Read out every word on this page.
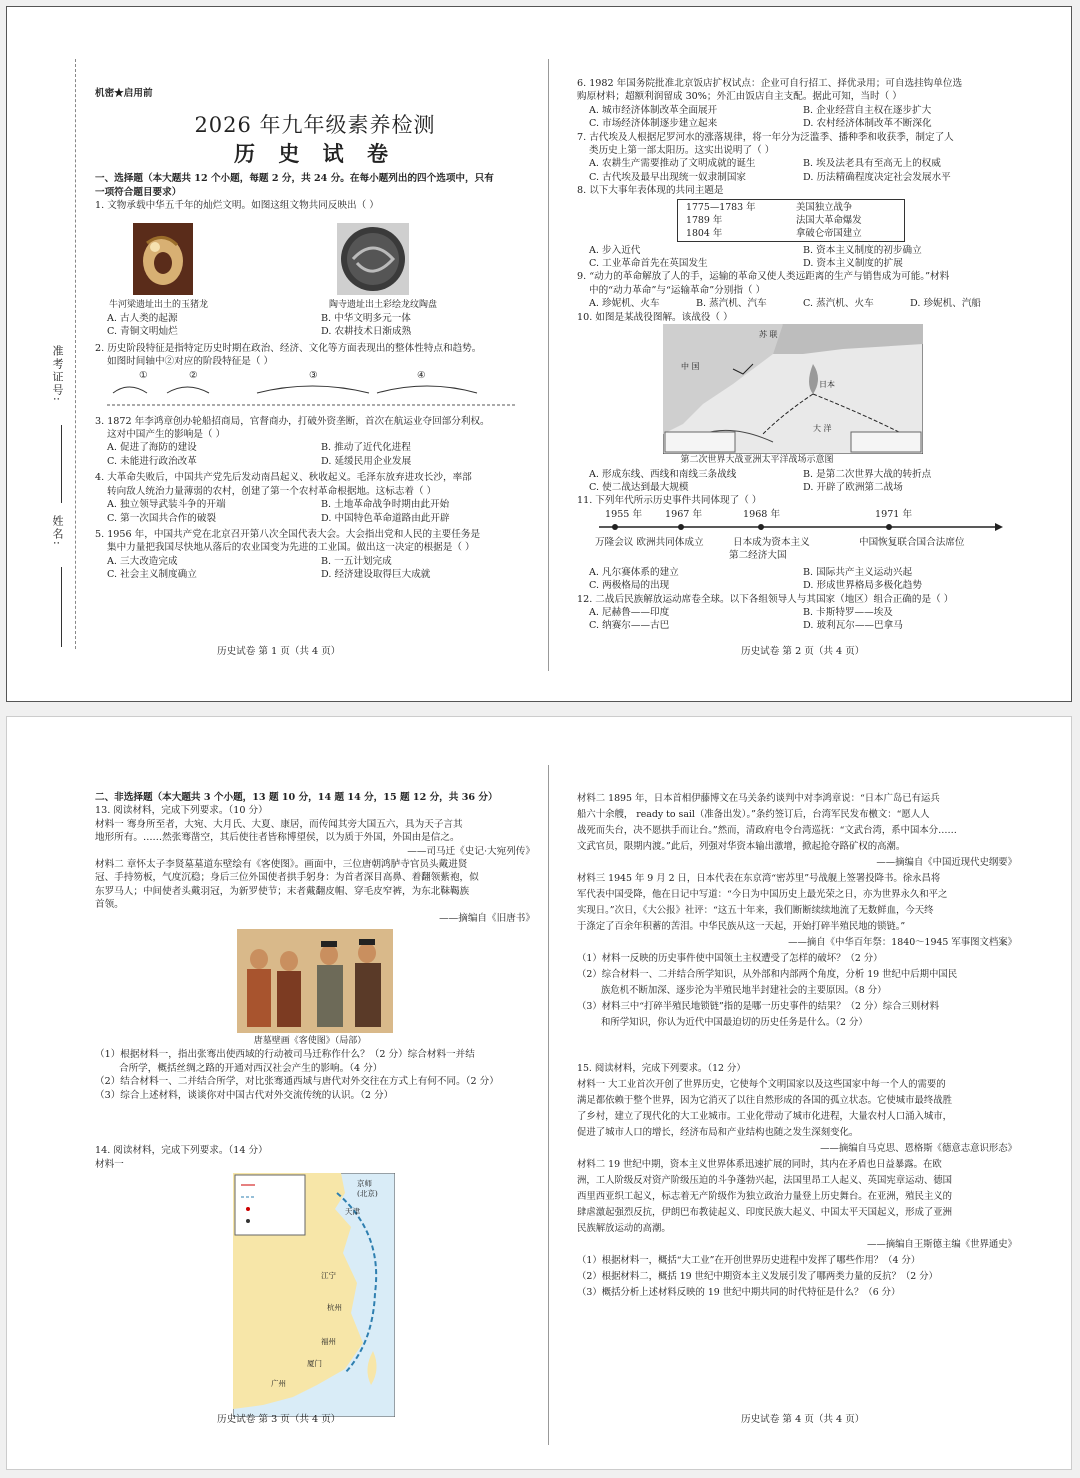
准考证号:
姓名:
机密★启用前
2026 年九年级素养检测
历 史 试 卷
一、选择题（本大题共 12 个小题，每题 2 分，共 24 分。在每小题列出的四个选项中，只有
一项符合题目要求）
1. 文物承载中华五千年的灿烂文明。如图这组文物共同反映出（ ）
牛河梁遗址出土的玉猪龙	陶寺遗址出土彩绘龙纹陶盘
A. 古人类的起源	B. 中华文明多元一体
C. 青铜文明灿烂	D. 农耕技术日渐成熟
2. 历史阶段特征是指特定历史时期在政治、经济、文化等方面表现出的整体性特点和趋势。
如图时间轴中②对应的阶段特征是（ ）
①	②	③	④
3. 1872 年李鸿章创办轮船招商局，官督商办，打破外资垄断，首次在航运业夺回部分利权。
这对中国产生的影响是（ ）
A. 促进了海防的建设	B. 推动了近代化进程
C. 未能进行政治改革	D. 延缓民用企业发展
4. 大革命失败后，中国共产党先后发动南昌起义、秋收起义。毛泽东放弃进攻长沙，率部
转向敌人统治力量薄弱的农村，创建了第一个农村革命根据地。这标志着（ ）
A. 独立领导武装斗争的开端	B. 土地革命战争时期由此开始
C. 第一次国共合作的破裂	D. 中国特色革命道路由此开辟
5. 1956 年，中国共产党在北京召开第八次全国代表大会。大会指出党和人民的主要任务是
集中力量把我国尽快地从落后的农业国变为先进的工业国。做出这一决定的根据是（ ）
A. 三大改造完成	B. 一五计划完成
C. 社会主义制度确立	D. 经济建设取得巨大成就
历史试卷 第 1 页（共 4 页）
6. 1982 年国务院批准北京饭店扩权试点：企业可自行招工、择优录用；可自选挂钩单位选
购原材料；超额利润留成 30%；外汇由饭店自主支配。据此可知，当时（ ）
A. 城市经济体制改革全面展开	B. 企业经营自主权在逐步扩大
C. 市场经济体制逐步建立起来	D. 农村经济体制改革不断深化
7. 古代埃及人根据尼罗河水的涨落规律，将一年分为泛滥季、播种季和收获季，制定了人
类历史上第一部太阳历。这实出说明了（ ）
A. 农耕生产需要推动了文明成就的诞生	B. 埃及法老具有至高无上的权威
C. 古代埃及最早出现统一奴隶制国家	D. 历法精确程度决定社会发展水平
8. 以下大事年表体现的共同主题是
1775—1783 年	美国独立战争
1789 年	法国大革命爆发
1804 年	拿破仑帝国建立
A. 步入近代	B. 资本主义制度的初步确立
C. 工业革命首先在英国发生	D. 资本主义制度的扩展
9. “动力的革命解放了人的手，运输的革命又使人类远距离的生产与销售成为可能。”材料
中的“动力革命”与“运输革命”分别指（ ）
A. 珍妮机、火车	B. 蒸汽机、汽车	C. 蒸汽机、火车	D. 珍妮机、汽船
10. 如图是某战役图解。该战役（ ）
中 国
苏 联
日本
大 洋
第二次世界大战亚洲太平洋战场示意图
A. 形成东线、西线和南线三条战线	B. 是第二次世界大战的转折点
C. 使二战达到最大规模	D. 开辟了欧洲第二战场
11. 下列年代所示历史事件共同体现了（ ）
1955 年 1967 年	1968 年	1971 年
万隆会议 欧洲共同体成立	日本成为资本主义
第二经济大国
中国恢复联合国合法席位
A. 凡尔赛体系的建立	B. 国际共产主义运动兴起
C. 两极格局的出现	D. 形成世界格局多极化趋势
12. 二战后民族解放运动席卷全球。以下各组领导人与其国家（地区）组合正确的是（ ）
A. 尼赫鲁——印度	B. 卡斯特罗——埃及
C. 纳赛尔——古巴	D. 玻利瓦尔——巴拿马
历史试卷 第 2 页（共 4 页）
二、非选择题（本大题共 3 个小题，13 题 10 分，14 题 14 分，15 题 12 分，共 36 分）
13. 阅读材料，完成下列要求。（10 分）
材料一 骞身所至者，大宛、大月氏、大夏、康居，而传闻其旁大国五六，具为天子言其
地形所有。……然张骞凿空，其后使往者皆称博望侯，以为质于外国，外国由是信之。
——司马迁《史记·大宛列传》
材料二 章怀太子李贤墓墓道东壁绘有《客使图》。画面中，三位唐朝鸿胪寺官员头戴进贤
冠、手持笏板，气度沉稳；身后三位外国使者拱手躬身：为首者深目高鼻、着翻领紫袍，似
东罗马人；中间使者头戴羽冠，为新罗使节；末者戴翻皮帽、穿毛皮窄裤，为东北靺鞨族
首领。
——摘编自《旧唐书》
唐墓壁画《客使图》（局部）
（1）根据材料一，指出张骞出使西域的行动被司马迁称作什么？（2 分）综合材料一并结
合所学，概括丝绸之路的开通对西汉社会产生的影响。（4 分）
（2）结合材料一、二并结合所学，对比张骞通西域与唐代对外交往在方式上有何不同。（2 分）
（3）综合上述材料，谈谈你对中国古代对外交流传统的认识。（2 分）
14. 阅读材料，完成下列要求。（14 分）
材料一
京师
(北京)
天津
江宁
杭州
福州
厦门
广州
历史试卷 第 3 页（共 4 页）
材料二 1895 年，日本首相伊藤博文在马关条约谈判中对李鸿章说：“日本广岛已有运兵
船六十余艘， ready to sail（准备出发）。”条约签订后，台湾军民发布檄文：“愿人人
战死而失台，决不愿拱手而让台。”然而，清政府电令台湾巡抚：“文武台湾，系中国本分……
文武官员，限期内渡。”此后，列强对华资本输出激增，掀起抢夺路矿权的高潮。
——摘编自《中国近现代史纲要》
材料三 1945 年 9 月 2 日，日本代表在东京湾“密苏里”号战舰上签署投降书。徐永昌将
军代表中国受降，他在日记中写道：“今日为中国历史上最光荣之日，亦为世界永久和平之
实现日。”次日，《大公报》社评：“这五十年来，我们断断续续地流了无数鲜血，今天终
于涤定了百余年积蓄的苦泪。中华民族从这一天起，开始打碎半殖民地的锁链。”
——摘自《中华百年祭：1840～1945 军事图文档案》
（1）材料一反映的历史事件使中国领土主权遭受了怎样的破坏？（2 分）
（2）综合材料一、二并结合所学知识，从外部和内部两个角度，分析 19 世纪中后期中国民
族危机不断加深、逐步沦为半殖民地半封建社会的主要原因。（8 分）
（3）材料三中“打碎半殖民地锁链”指的是哪一历史事件的结果？（2 分）综合三则材料
和所学知识，你认为近代中国最迫切的历史任务是什么。（2 分）
15. 阅读材料，完成下列要求。（12 分）
材料一 大工业首次开创了世界历史，它使每个文明国家以及这些国家中每一个人的需要的
满足都依赖于整个世界，因为它消灭了以往自然形成的各国的孤立状态。它使城市最终战胜
了乡村，建立了现代化的大工业城市。工业化带动了城市化进程，大量农村人口涌入城市，
促进了城市人口的增长，经济布局和产业结构也随之发生深刻变化。
——摘编自马克思、恩格斯《德意志意识形态》
材料二 19 世纪中期，资本主义世界体系迅速扩展的同时，其内在矛盾也日益暴露。在欧
洲，工人阶级反对资产阶级压迫的斗争蓬勃兴起，法国里昂工人起义、英国宪章运动、德国
西里西亚织工起义，标志着无产阶级作为独立政治力量登上历史舞台。在亚洲，殖民主义的
肆虐激起强烈反抗，伊朗巴布教徒起义、印度民族大起义、中国太平天国起义，形成了亚洲
民族解放运动的高潮。
——摘编自王斯德主编《世界通史》
（1）根据材料一，概括“大工业”在开创世界历史进程中发挥了哪些作用？（4 分）
（2）根据材料二，概括 19 世纪中期资本主义发展引发了哪两类力量的反抗？（2 分）
（3）概括分析上述材料反映的 19 世纪中期共同的时代特征是什么？（6 分）
历史试卷 第 4 页（共 4 页）
